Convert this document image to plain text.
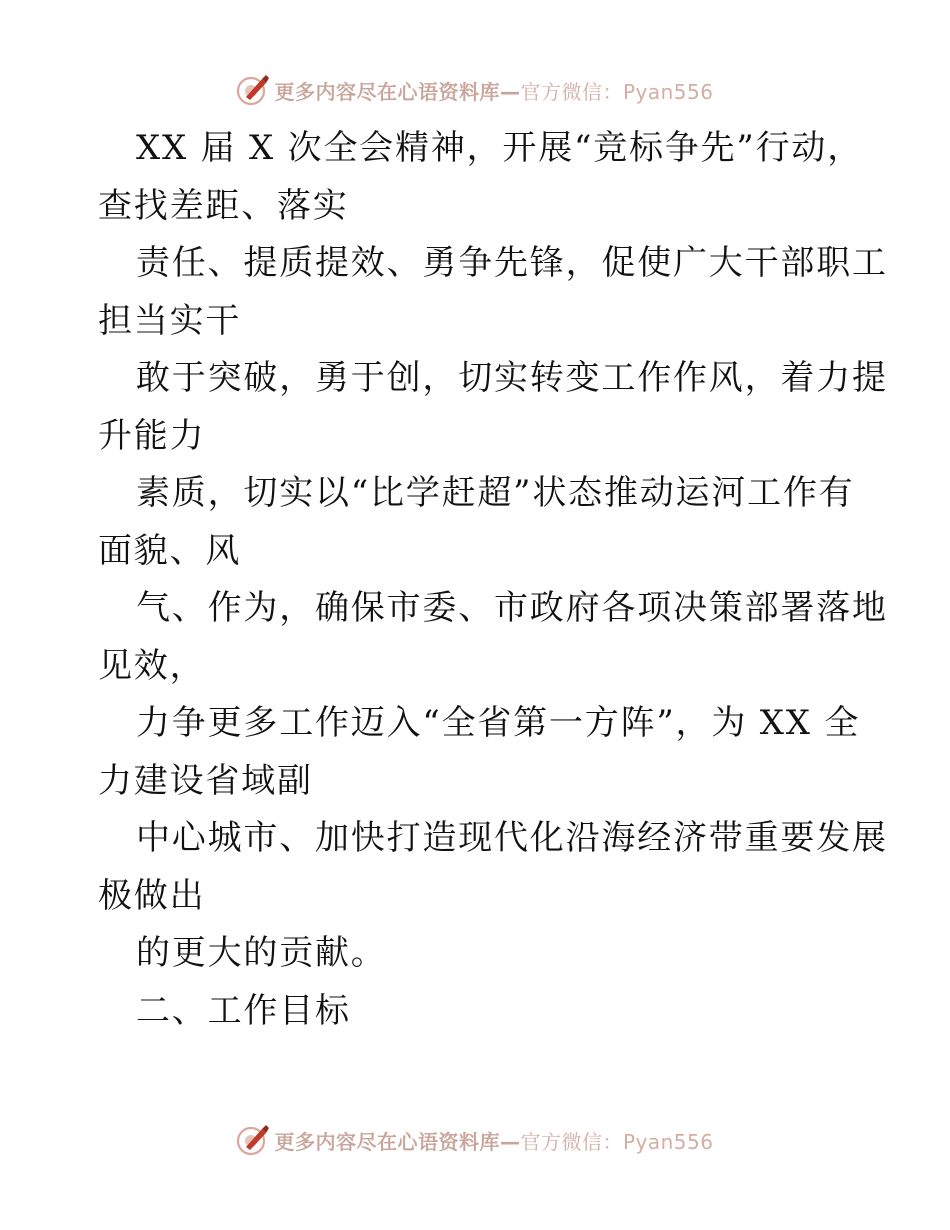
更多内容尽在心语资料库—官方微信：Pyan556
XX 届 X 次全会精神，开展“竞标争先”行动，
查找差距、落实
责任、提质提效、勇争先锋，促使广大干部职工
担当实干
敢于突破，勇于创，切实转变工作作风，着力提
升能力
素质，切实以“比学赶超”状态推动运河工作有
面貌、风
气、作为，确保市委、市政府各项决策部署落地
见效，
力争更多工作迈入“全省第一方阵”，为 XX 全
力建设省域副
中心城市、加快打造现代化沿海经济带重要发展
极做出
的更大的贡献。
二、工作目标
更多内容尽在心语资料库—官方微信：Pyan556
